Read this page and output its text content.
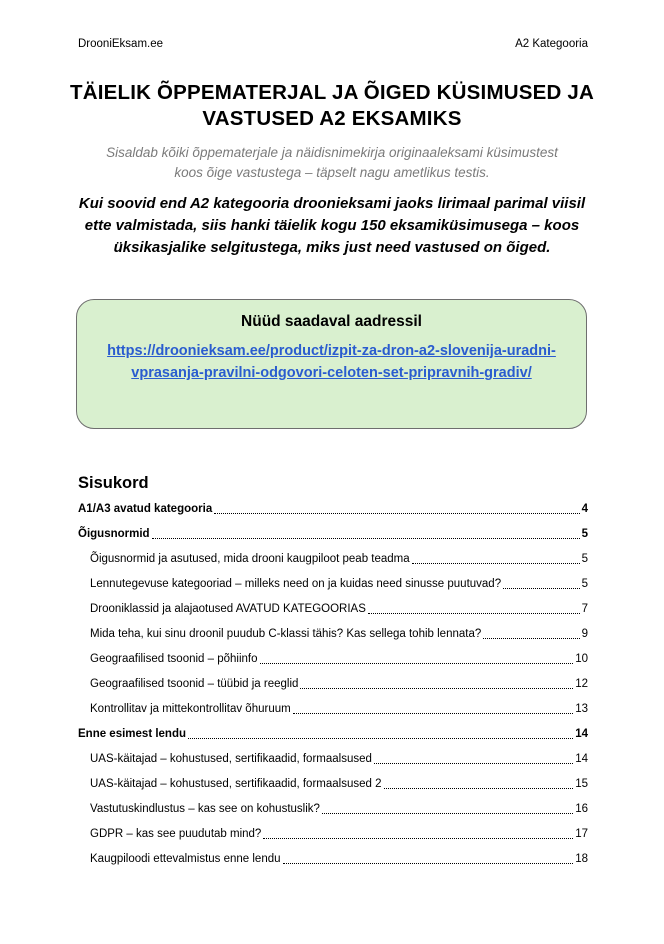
DrooniEksam.ee	A2 Kategooria
TÄIELIK ÕPPEMATERJAL JA ÕIGED KÜSIMUSED JA VASTUSED A2 EKSAMIKS
Sisaldab kõiki õppematerjale ja näidisnimekirja originaaleksami küsimustest koos õige vastustega – täpselt nagu ametlikus testis.
Kui soovid end A2 kategooria droonieksami jaoks lirimaal parimal viisil ette valmistada, siis hanki täielik kogu 150 eksamiküsimusega – koos üksikasjalike selgitustega, miks just need vastused on õiged.
Nüüd saadaval aadressil
https://droonieksam.ee/product/izpit-za-dron-a2-slovenija-uradni-vprasanja-pravilni-odgovori-celoten-set-pripravnih-gradiv/
Sisukord
A1/A3 avatud kategooria	4
Õigusnormid	5
Õigusnormid ja asutused, mida drooni kaugpiloot peab teadma	5
Lennutegevuse kategooriad – milleks need on ja kuidas need sinusse puutuvad?	5
Drooniklassid ja alajaotused AVATUD KATEGOORIAS	7
Mida teha, kui sinu droonil puudub C-klassi tähis? Kas sellega tohib lennata?	9
Geograafilised tsoonid – põhiinfo	10
Geograafilised tsoonid – tüübid ja reeglid	12
Kontrollitav ja mittekontrollitav õhuruum	13
Enne esimest lendu	14
UAS-käitajad – kohustused, sertifikaadid, formaalsused	14
UAS-käitajad – kohustused, sertifikaadid, formaalsused 2	15
Vastutuskindlustus – kas see on kohustuslik?	16
GDPR – kas see puudutab mind?	17
Kaugpiloodi ettevalmistus enne lendu	18
